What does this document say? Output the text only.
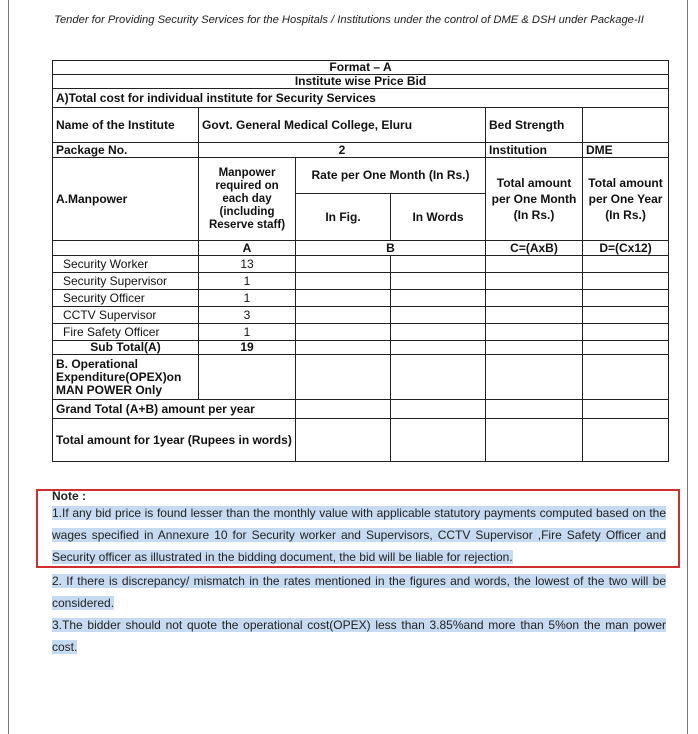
Tender for Providing Security Services for the Hospitals / Institutions under the control of DME & DSH under Package-II
Format – A					
Institute wise Price Bid					
A)Total cost for individual institute for Security Services					
Name of the Institute	Govt. General Medical College, Eluru			Bed Strength	
Package No.	2			Institution	DME
A.Manpower	Manpower required on each day (including Reserve staff)	Rate per One Month (In Rs.)		Total amount per One Month (In Rs.)	Total amount per One Year (In Rs.)
		In Fig.	In Words		
	A	B		C=(AxB)	D=(Cx12)
Security Worker	13				
Security Supervisor	1				
Security Officer	1				
CCTV Supervisor	3				
Fire Safety Officer	1				
Sub Total(A)	19				
B. Operational Expenditure(OPEX)on MAN POWER Only					
Grand Total (A+B) amount per year					
Total amount for 1year (Rupees in words)					
Note :
1.If any bid price is found lesser than the monthly value with applicable statutory payments computed based on the wages specified in Annexure 10 for Security worker and Supervisors, CCTV Supervisor ,Fire Safety Officer and Security officer as illustrated in the bidding document, the bid will be liable for rejection.
2. If there is discrepancy/ mismatch in the rates mentioned in the figures and words, the lowest of the two will be considered.
3.The bidder should not quote the operational cost(OPEX) less than 3.85%and more than 5%on the man power cost.
